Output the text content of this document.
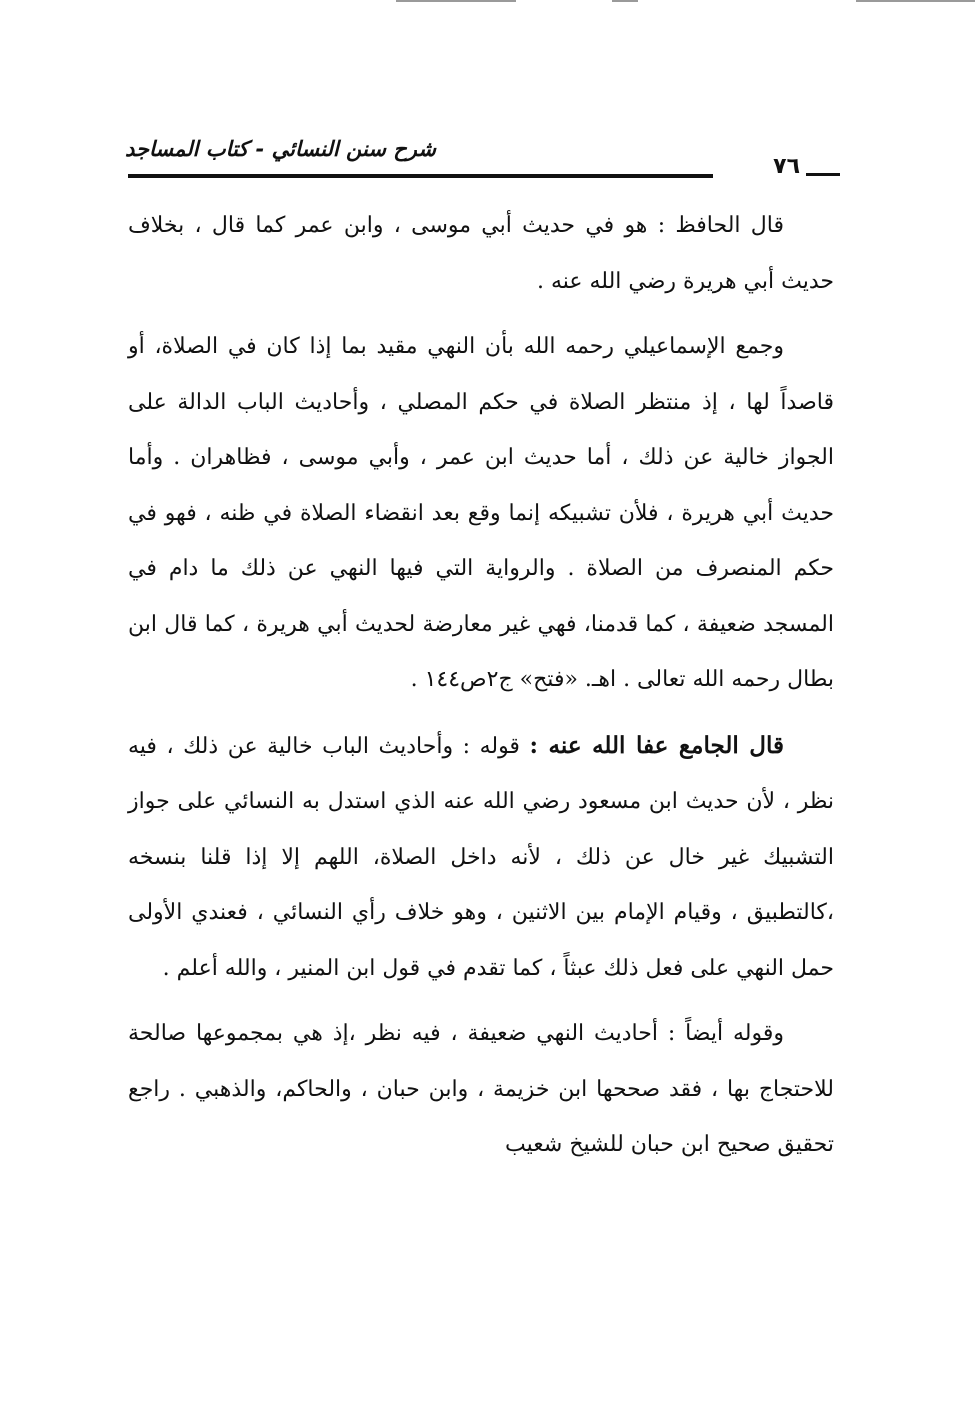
شرح سنن النسائي - كتاب المساجد
٧٦

قال الحافظ : هو في حديث أبي موسى ، وابن عمر كما قال ، بخلاف حديث أبي هريرة رضي الله عنه .

وجمع الإسماعيلي رحمه الله بأن النهي مقيد بما إذا كان في الصلاة، أو قاصداً لها ، إذ منتظر الصلاة في حكم المصلي ، وأحاديث الباب الدالة على الجواز خالية عن ذلك ، أما حديث ابن عمر ، وأبي موسى ، فظاهران . وأما حديث أبي هريرة ، فلأن تشبيكه إنما وقع بعد انقضاء الصلاة في ظنه ، فهو في حكم المنصرف من الصلاة . والرواية التي فيها النهي عن ذلك ما دام في المسجد ضعيفة ، كما قدمنا، فهي غير معارضة لحديث أبي هريرة ، كما قال ابن بطال رحمه الله تعالى . اهـ. «فتح» ج٢ص١٤٤ .

قال الجامع عفا الله عنه : قوله : وأحاديث الباب خالية عن ذلك ، فيه نظر ، لأن حديث ابن مسعود رضي الله عنه الذي استدل به النسائي على جواز التشبيك غير خال عن ذلك ، لأنه داخل الصلاة، اللهم إلا إذا قلنا بنسخه ،كالتطبيق ، وقيام الإمام بين الاثنين ، وهو خلاف رأي النسائي ، فعندي الأولى حمل النهي على فعل ذلك عبثاً ، كما تقدم في قول ابن المنير ، والله أعلم .

وقوله أيضاً : أحاديث النهي ضعيفة ، فيه نظر ،إذ هي بمجموعها صالحة للاحتجاج بها ، فقد صححها ابن خزيمة ، وابن حبان ، والحاكم، والذهبي . راجع تحقيق صحيح ابن حبان للشيخ شعيب
